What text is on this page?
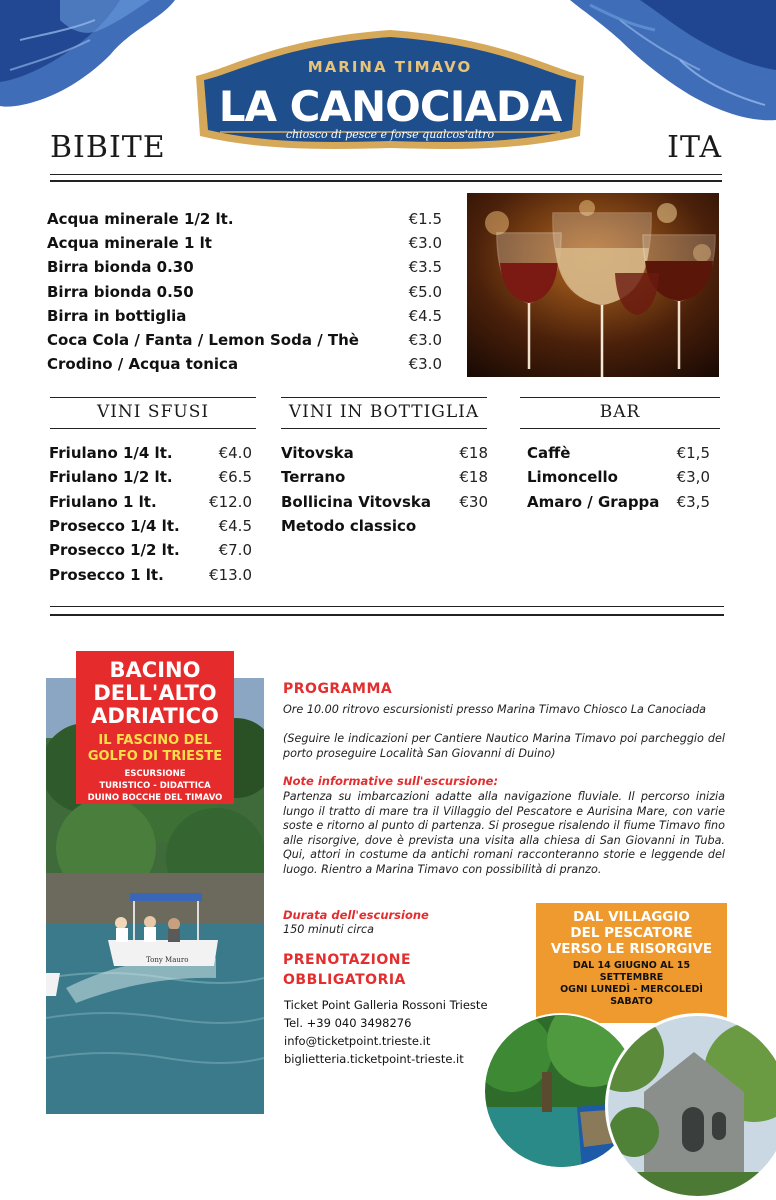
MARINA TIMAVO
LA CANOCIADA
chiosco di pesce e forse qualcos'altro
BIBITE	ITA
Acqua minerale 1/2 lt.	€1.5
Acqua minerale 1 lt	€3.0
Birra bionda 0.30	€3.5
Birra bionda 0.50	€5.0
Birra in bottiglia	€4.5
Coca Cola / Fanta / Lemon Soda / Thè	€3.0
Crodino / Acqua tonica	€3.0
VINI SFUSI	VINI IN BOTTIGLIA	BAR
Friulano 1/4 lt.	€4.0
Friulano 1/2 lt.	€6.5
Friulano 1 lt.	€12.0
Prosecco 1/4 lt.	€4.5
Prosecco 1/2 lt.	€7.0
Prosecco 1 lt.	€13.0
Vitovska	€18
Terrano	€18
Bollicina Vitovska	€30
Metodo classico
Caffè	€1,5
Limoncello	€3,0
Amaro / Grappa	€3,5
Tony Mauro
BACINO
DELL'ALTO
ADRIATICO
IL FASCINO DEL
GOLFO DI TRIESTE
ESCURSIONE
TURISTICO - DIDATTICA
DUINO BOCCHE DEL TIMAVO
PROGRAMMA
Ore 10.00 ritrovo escursionisti presso Marina Timavo Chiosco La Canociada
(Seguire le indicazioni per Cantiere Nautico Marina Timavo poi parcheggio del porto proseguire Località San Giovanni di Duino)
Note informative sull'escursione:
Partenza su imbarcazioni adatte alla navigazione fluviale. Il percorso inizia lungo il tratto di mare tra il Villaggio del Pescatore e Aurisina Mare, con varie soste e ritorno al punto di partenza. Si prosegue risalendo il fiume Timavo fino alle risorgive, dove è prevista una visita alla chiesa di San Giovanni in Tuba. Qui, attori in costume da antichi romani racconteranno storie e leggende del luogo. Rientro a Marina Timavo con possibilità di pranzo.
Durata dell'escursione
150 minuti circa
PRENOTAZIONE
OBBLIGATORIA
Ticket Point Galleria Rossoni Trieste
Tel. +39 040 3498276
info@ticketpoint.trieste.it
biglietteria.ticketpoint-trieste.it
DAL VILLAGGIO
DEL PESCATORE
VERSO LE RISORGIVE
DAL 14 GIUGNO AL 15
SETTEMBRE
OGNI LUNEDÌ - MERCOLEDÌ
SABATO
